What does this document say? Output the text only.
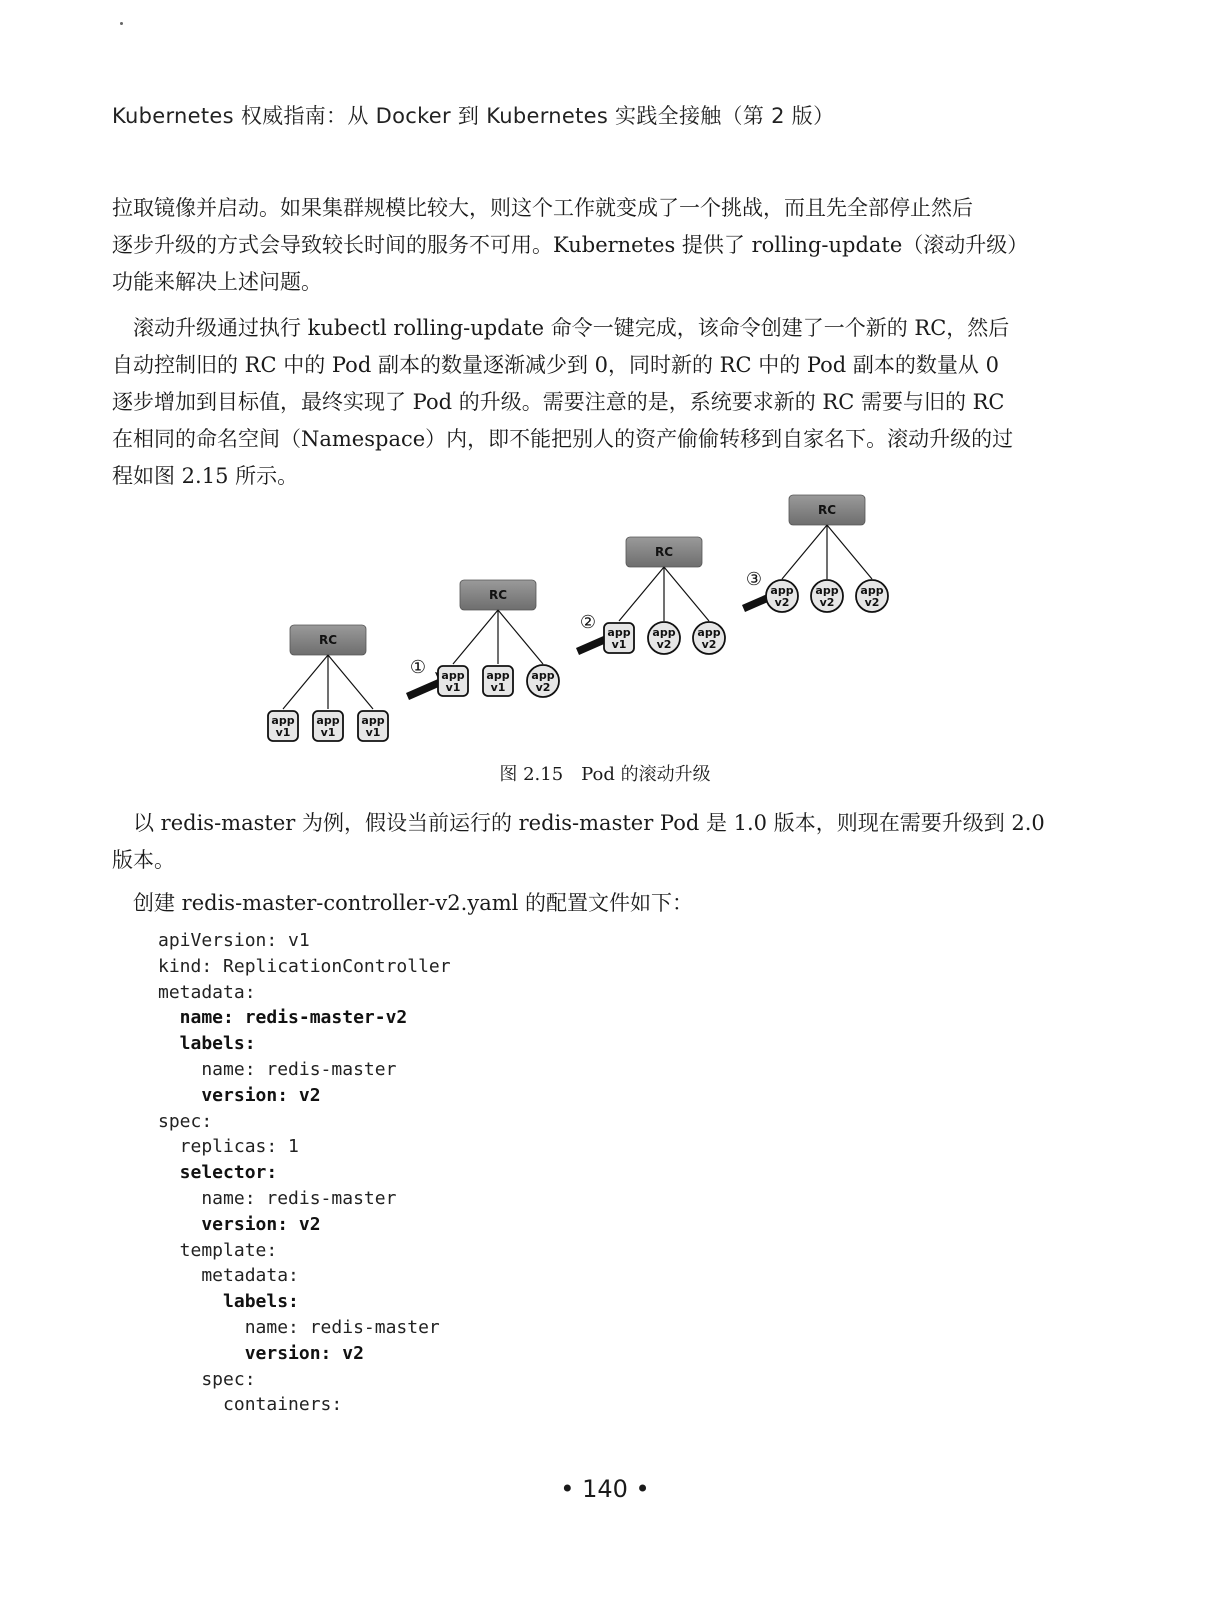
Kubernetes 权威指南：从 Docker 到 Kubernetes 实践全接触（第 2 版）
拉取镜像并启动。如果集群规模比较大，则这个工作就变成了一个挑战，而且先全部停止然后
逐步升级的方式会导致较长时间的服务不可用。Kubernetes 提供了 rolling-update（滚动升级）
功能来解决上述问题。
　滚动升级通过执行 kubectl rolling-update 命令一键完成，该命令创建了一个新的 RC，然后
自动控制旧的 RC 中的 Pod 副本的数量逐渐减少到 0，同时新的 RC 中的 Pod 副本的数量从 0
逐步增加到目标值，最终实现了 Pod 的升级。需要注意的是，系统要求新的 RC 需要与旧的 RC
在相同的命名空间（Namespace）内，即不能把别人的资产偷偷转移到自家名下。滚动升级的过
程如图 2.15 所示。
RC
app
v1
app
v1
app
v1
①
RC
app
v1
app
v1
app
v2
②
RC
app
v1
app
v2
app
v2
③
RC
app
v2
app
v2
app
v2
图 2.15　Pod 的滚动升级
　以 redis-master 为例，假设当前运行的 redis-master Pod 是 1.0 版本，则现在需要升级到 2.0
版本。
　创建 redis-master-controller-v2.yaml 的配置文件如下：
apiVersion: v1
kind: ReplicationController
metadata:
name: redis-master-v2
labels:
name: redis-master
version: v2
spec:
replicas: 1
selector:
name: redis-master
version: v2
template:
metadata:
labels:
name: redis-master
version: v2
spec:
containers:
• 140 •
